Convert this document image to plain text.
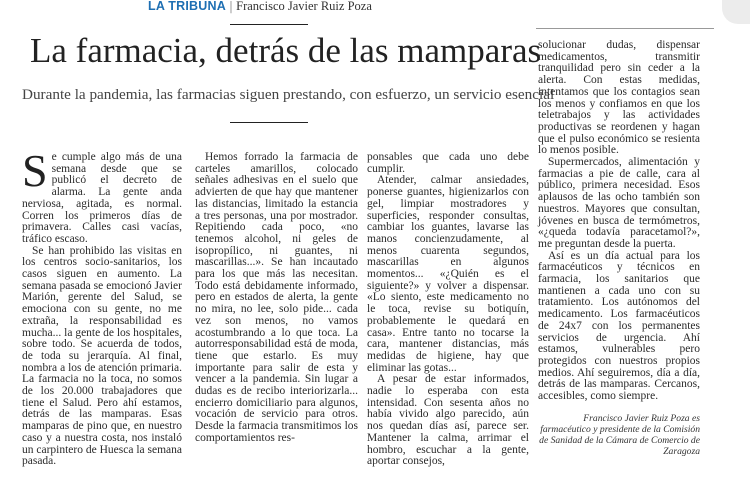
LA TRIBUNA | Francisco Javier Ruiz Poza
La farmacia, detrás de las mamparas

Durante la pandemia, las farmacias siguen prestando, con esfuerzo, un servicio esencial

Se cumple algo más de una semana desde que se publicó el decreto de alarma. La gente anda nerviosa, agitada, es normal. Corren los primeros días de primavera. Calles casi vacías, tráfico escaso.

Se han prohibido las visitas en los centros socio-sanitarios, los casos siguen en aumento. La semana pasada se emocionó Javier Marión, gerente del Salud, se emociona con su gente, no me extraña, la responsabilidad es mucha... la gente de los hospitales, sobre todo. Se acuerda de todos, de toda su jerarquía. Al final, nombra a los de atención primaria. La farmacia no la toca, no somos de los 20.000 trabajadores que tiene el Salud. Pero ahí estamos, detrás de las mamparas. Esas mamparas de pino que, en nuestro caso y a nuestra costa, nos instaló un carpintero de Huesca la semana pasada.

Hemos forrado la farmacia de carteles amarillos, colocado señales adhesivas en el suelo que advierten de que hay que mantener las distancias, limitado la estancia a tres personas, una por mostrador. Repitiendo cada poco, «no tenemos alcohol, ni geles de isopropílico, ni guantes, ni mascarillas...». Se han incautado para los que más las necesitan. Todo está debidamente informado, pero en estados de alerta, la gente no mira, no lee, solo pide... cada vez son menos, no vamos acostumbrando a lo que toca. La autorresponsabilidad está de moda, tiene que estarlo. Es muy importante para salir de esta y vencer a la pandemia. Sin lugar a dudas es de recibo interiorizarla... encierro domiciliario para algunos, vocación de servicio para otros. Desde la farmacia transmitimos los comportamientos res-

ponsables que cada uno debe cumplir.

Atender, calmar ansiedades, ponerse guantes, higienizarlos con gel, limpiar mostradores y superficies, responder consultas, cambiar los guantes, lavarse las manos concienzudamente, al menos cuarenta segundos, mascarillas en algunos momentos... «¿Quién es el siguiente?» y volver a dispensar. «Lo siento, este medicamento no le toca, revise su botiquín, probablemente le quedará en casa». Entre tanto no tocarse la cara, mantener distancias, más medidas de higiene, hay que eliminar las gotas...

A pesar de estar informados, nadie lo esperaba con esta intensidad. Con sesenta años no había vivido algo parecido, aún nos quedan días así, parece ser. Mantener la calma, arrimar el hombro, escuchar a la gente, aportar consejos,

solucionar dudas, dispensar medicamentos, transmitir tranquilidad pero sin ceder a la alerta. Con estas medidas, intentamos que los contagios sean los menos y confiamos en que los teletrabajos y las actividades productivas se reordenen y hagan que el pulso económico se resienta lo menos posible.

Supermercados, alimentación y farmacias a pie de calle, cara al público, primera necesidad. Esos aplausos de las ocho también son nuestros. Mayores que consultan, jóvenes en busca de termómetros, «¿queda todavía paracetamol?», me preguntan desde la puerta.

Así es un día actual para los farmacéuticos y técnicos en farmacia, los sanitarios que mantienen a cada uno con su tratamiento. Los autónomos del medicamento. Los farmacéuticos de 24x7 con los permanentes servicios de urgencia. Ahí estamos, vulnerables pero protegidos con nuestros propios medios. Ahí seguiremos, día a día, detrás de las mamparas. Cercanos, accesibles, como siempre.

Francisco Javier Ruiz Poza es farmacéutico y presidente de la Comisión de Sanidad de la Cámara de Comercio de Zaragoza
